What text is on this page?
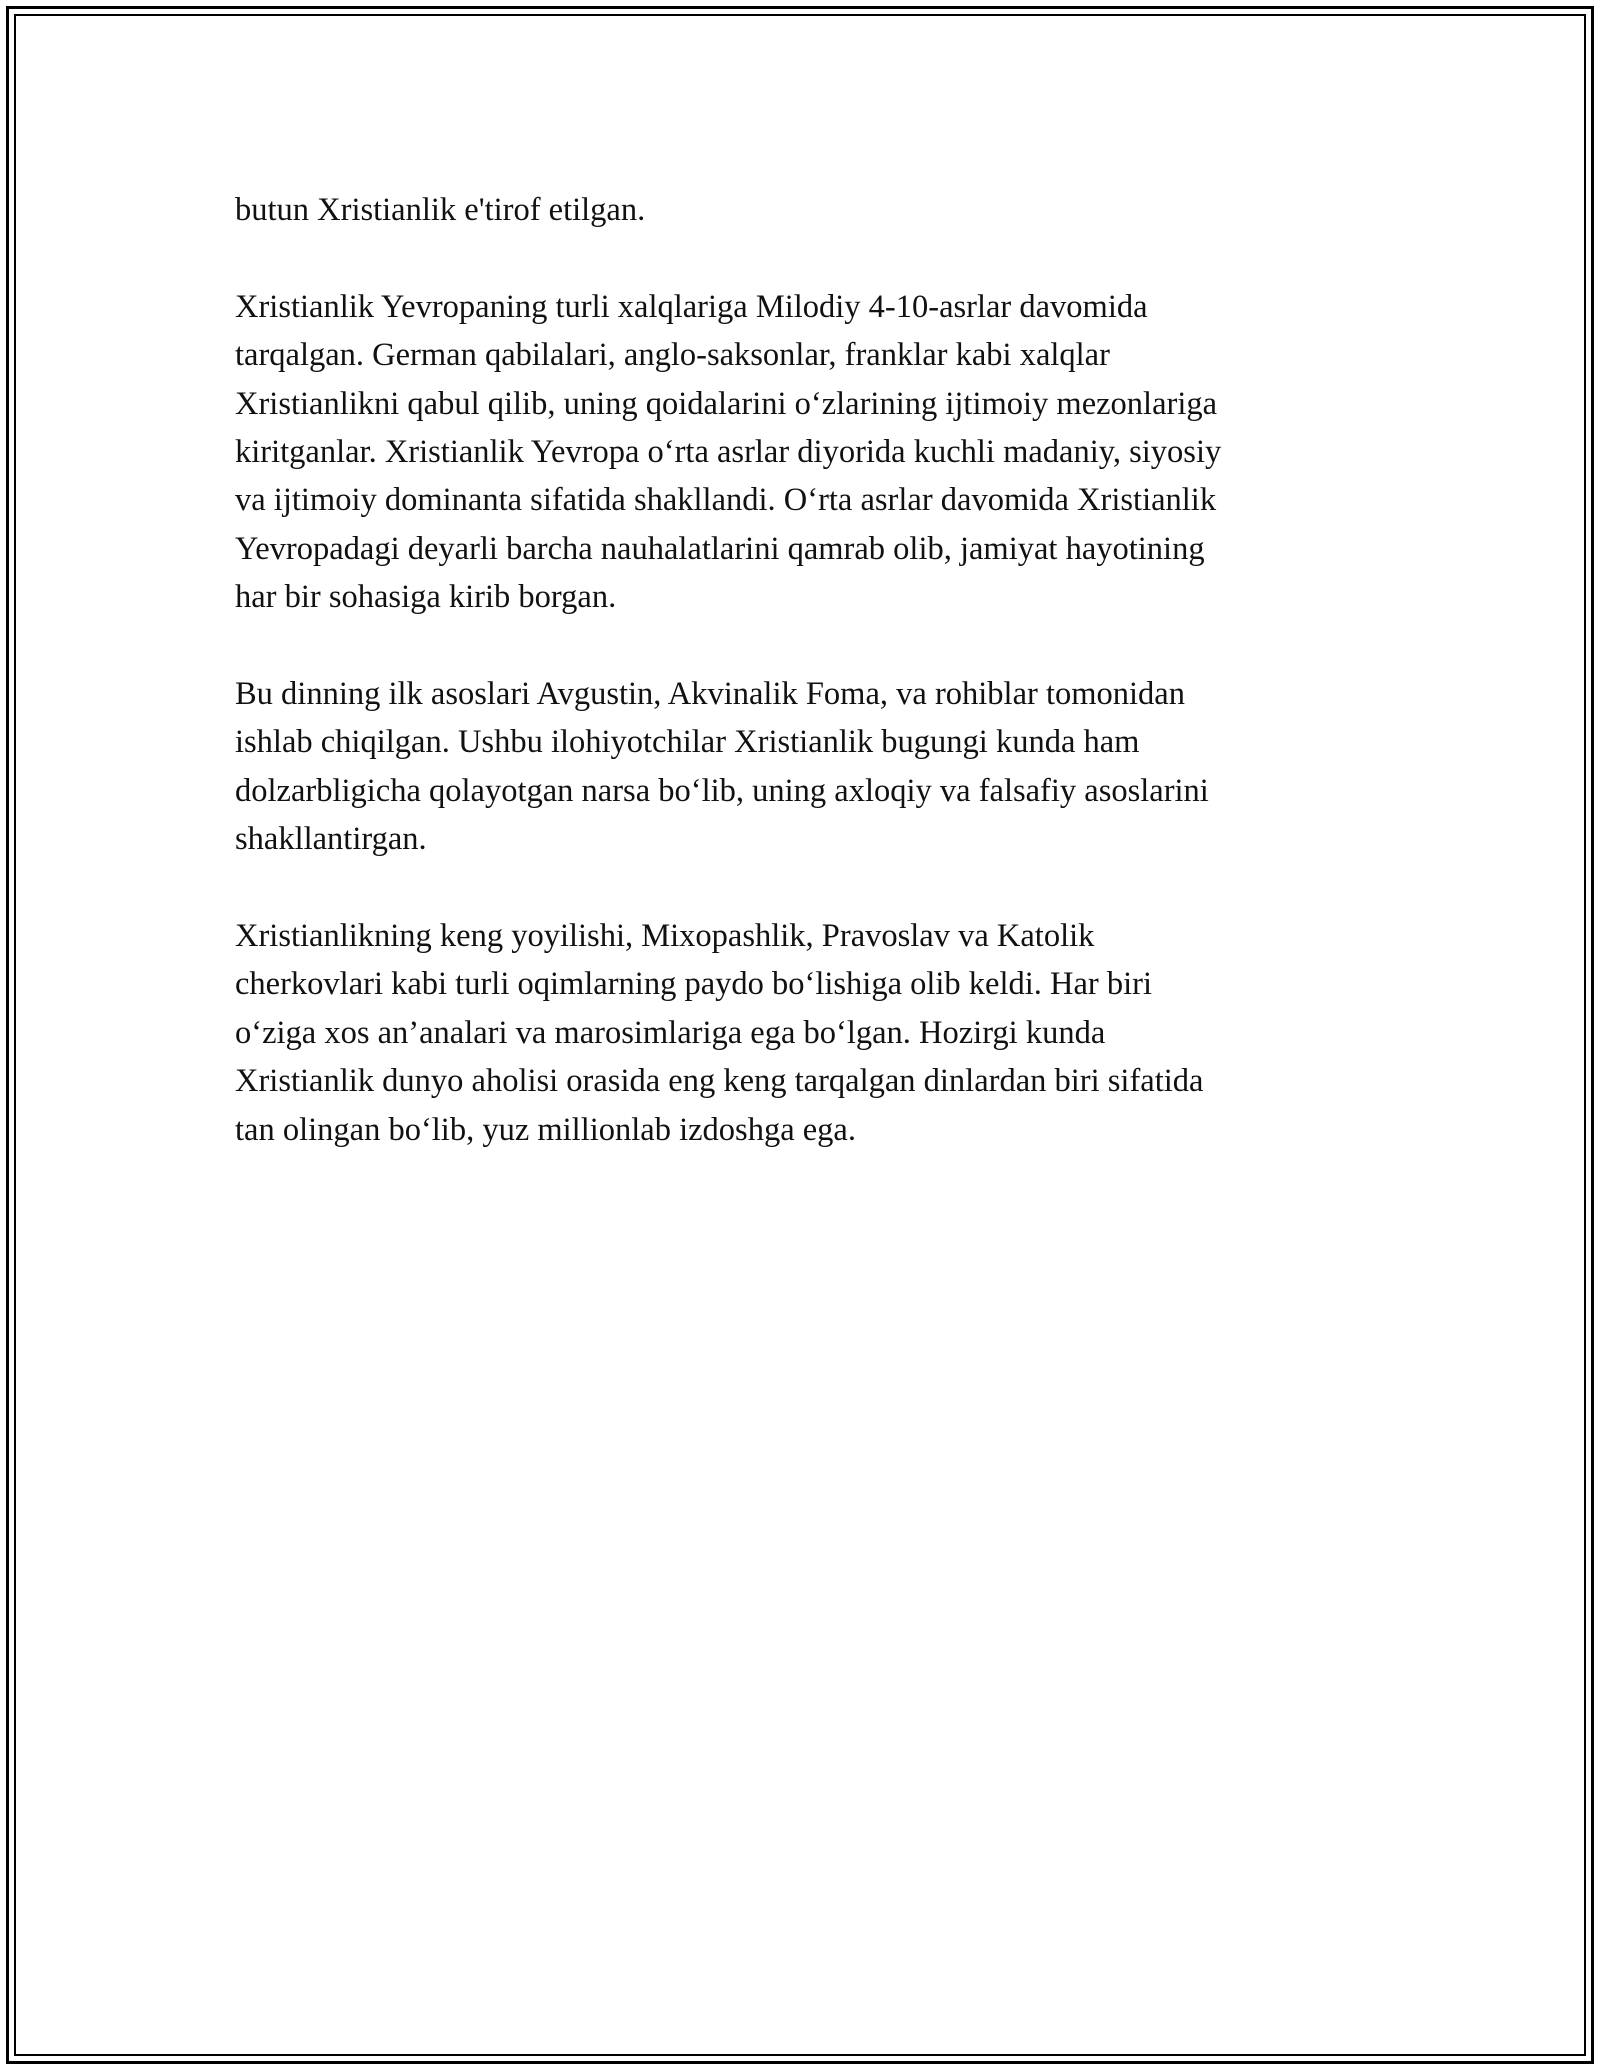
butun Xristianlik e'tirof etilgan.
Xristianlik Yevropaning turli xalqlariga Milodiy 4-10-asrlar davomida
tarqalgan. German qabilalari, anglo-saksonlar, franklar kabi xalqlar
Xristianlikni qabul qilib, uning qoidalarini o‘zlarining ijtimoiy mezonlariga
kiritganlar. Xristianlik Yevropa o‘rta asrlar diyorida kuchli madaniy, siyosiy
va ijtimoiy dominanta sifatida shakllandi. O‘rta asrlar davomida Xristianlik
Yevropadagi deyarli barcha nauhalatlarini qamrab olib, jamiyat hayotining
har bir sohasiga kirib borgan.
Bu dinning ilk asoslari Avgustin, Akvinalik Foma, va rohiblar tomonidan
ishlab chiqilgan. Ushbu ilohiyotchilar Xristianlik bugungi kunda ham
dolzarbligicha qolayotgan narsa bo‘lib, uning axloqiy va falsafiy asoslarini
shakllantirgan.
Xristianlikning keng yoyilishi, Mixopashlik, Pravoslav va Katolik
cherkovlari kabi turli oqimlarning paydo bo‘lishiga olib keldi. Har biri
o‘ziga xos an’analari va marosimlariga ega bo‘lgan. Hozirgi kunda
Xristianlik dunyo aholisi orasida eng keng tarqalgan dinlardan biri sifatida
tan olingan bo‘lib, yuz millionlab izdoshga ega.
